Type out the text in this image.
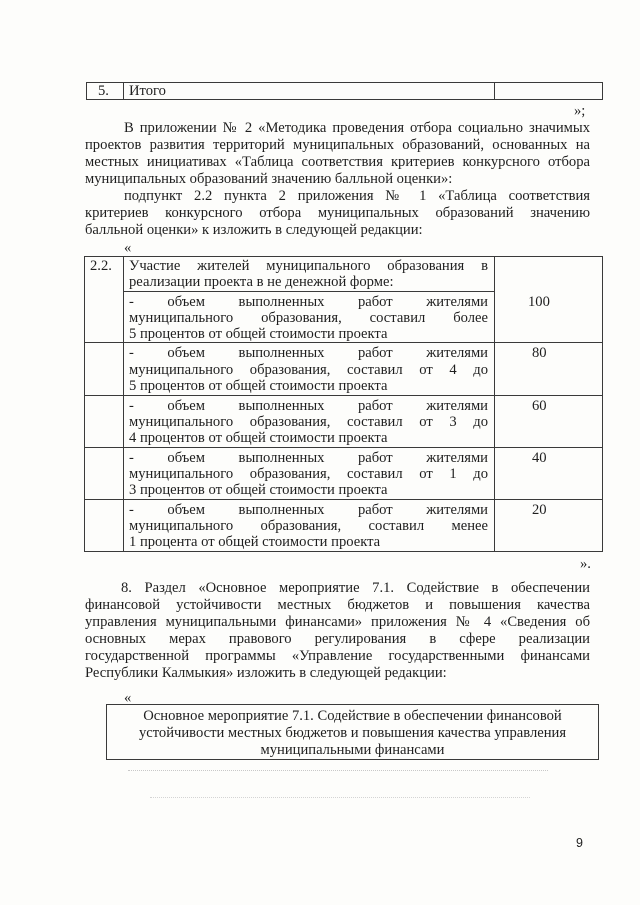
5. Итого
»;
В приложении № 2 «Методика проведения отбора социально значимых
проектов развития территорий муниципальных образований, основанных на
местных инициативах «Таблица соответствия критериев конкурсного отбора
муниципальных образований значению балльной оценки»:
подпункт 2.2 пункта 2 приложения № 1 «Таблица соответствия
критериев конкурсного отбора муниципальных образований значению
балльной оценки» к изложить в следующей редакции:
«
2.2. Участие жителей муниципального образования в
реализации проекта в не денежной форме:
- объем выполненных работ жителями
муниципального образования, составил более
5 процентов от общей стоимости проекта
100
- объем выполненных работ жителями
муниципального образования, составил от 4 до
5 процентов от общей стоимости проекта
80
- объем выполненных работ жителями
муниципального образования, составил от 3 до
4 процентов от общей стоимости проекта
60
- объем выполненных работ жителями
муниципального образования, составил от 1 до
3 процентов от общей стоимости проекта
40
- объем выполненных работ жителями
муниципального образования, составил менее
1 процента от общей стоимости проекта
20
».
8. Раздел «Основное мероприятие 7.1. Содействие в обеспечении
финансовой устойчивости местных бюджетов и повышения качества
управления муниципальными финансами» приложения № 4 «Сведения об
основных мерах правового регулирования в сфере реализации
государственной программы «Управление государственными финансами
Республики Калмыкия» изложить в следующей редакции:
«
Основное мероприятие 7.1. Содействие в обеспечении финансовой
устойчивости местных бюджетов и повышения качества управления
муниципальными финансами
9
